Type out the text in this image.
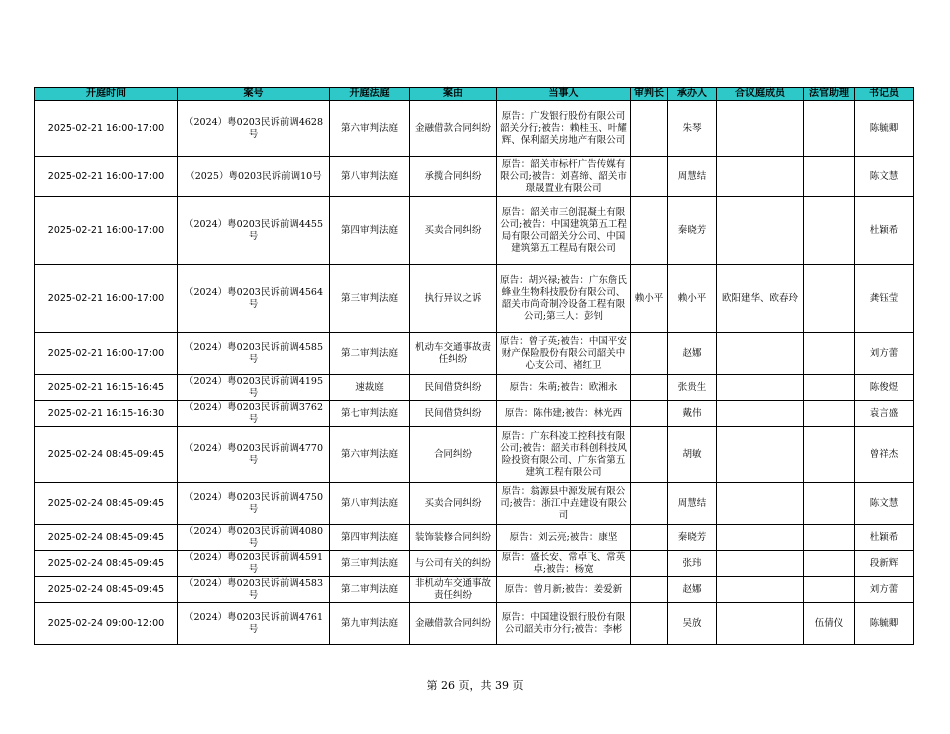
开庭时间	案号	开庭法庭	案由	当事人	审判长	承办人	合议庭成员	法官助理	书记员
2025-02-21 16:00-17:00	（2024）粤0203民诉前调4628号	第六审判法庭	金融借款合同纠纷	原告：广发银行股份有限公司韶关分行;被告：赖桂玉、叶耀辉、保利韶关房地产有限公司		朱琴			陈毓卿
2025-02-21 16:00-17:00	（2025）粤0203民诉前调10号	第八审判法庭	承揽合同纠纷	原告：韶关市标杆广告传媒有限公司;被告：刘喜缔、韶关市璟晟置业有限公司		周慧结			陈文慧
2025-02-21 16:00-17:00	（2024）粤0203民诉前调4455号	第四审判法庭	买卖合同纠纷	原告：韶关市三创混凝土有限公司;被告：中国建筑第五工程局有限公司韶关分公司、中国建筑第五工程局有限公司		秦晓芳			杜颖希
2025-02-21 16:00-17:00	（2024）粤0203民诉前调4564号	第三审判法庭	执行异议之诉	原告：胡兴禄;被告：广东詹氏蜂业生物科技股份有限公司、韶关市尚奇制冷设备工程有限公司;第三人：彭钊	赖小平	赖小平	欧阳建华、欧春玲		龚钰莹
2025-02-21 16:00-17:00	（2024）粤0203民诉前调4585号	第二审判法庭	机动车交通事故责任纠纷	原告：曾子英;被告：中国平安财产保险股份有限公司韶关中心支公司、褚红卫		赵娜			刘方蕾
2025-02-21 16:15-16:45	（2024）粤0203民诉前调4195号	速裁庭	民间借贷纠纷	原告：朱萌;被告：欧湘永		张贵生			陈俊煜
2025-02-21 16:15-16:30	（2024）粤0203民诉前调3762号	第七审判法庭	民间借贷纠纷	原告：陈伟建;被告：林光西		戴伟			袁言盛
2025-02-24 08:45-09:45	（2024）粤0203民诉前调4770号	第六审判法庭	合同纠纷	原告：广东科凌工控科技有限公司;被告：韶关市科创科技风险投资有限公司、广东省第五建筑工程有限公司		胡敏			曾祥杰
2025-02-24 08:45-09:45	（2024）粤0203民诉前调4750号	第八审判法庭	买卖合同纠纷	原告：翁源县中源发展有限公司;被告：浙江中垚建设有限公司		周慧结			陈文慧
2025-02-24 08:45-09:45	（2024）粤0203民诉前调4080号	第四审判法庭	装饰装修合同纠纷	原告：刘云亮;被告：康坚		秦晓芳			杜颖希
2025-02-24 08:45-09:45	（2024）粤0203民诉前调4591号	第三审判法庭	与公司有关的纠纷	原告：盛长安、常卓飞、常英卓;被告：杨宽		张玮			段新辉
2025-02-24 08:45-09:45	（2024）粤0203民诉前调4583号	第二审判法庭	非机动车交通事故责任纠纷	原告：曾月新;被告：姜爱新		赵娜			刘方蕾
2025-02-24 09:00-12:00	（2024）粤0203民诉前调4761号	第九审判法庭	金融借款合同纠纷	原告：中国建设银行股份有限公司韶关市分行;被告：李彬		吴放		伍倩仪	陈毓卿
第 26 页，共 39 页
